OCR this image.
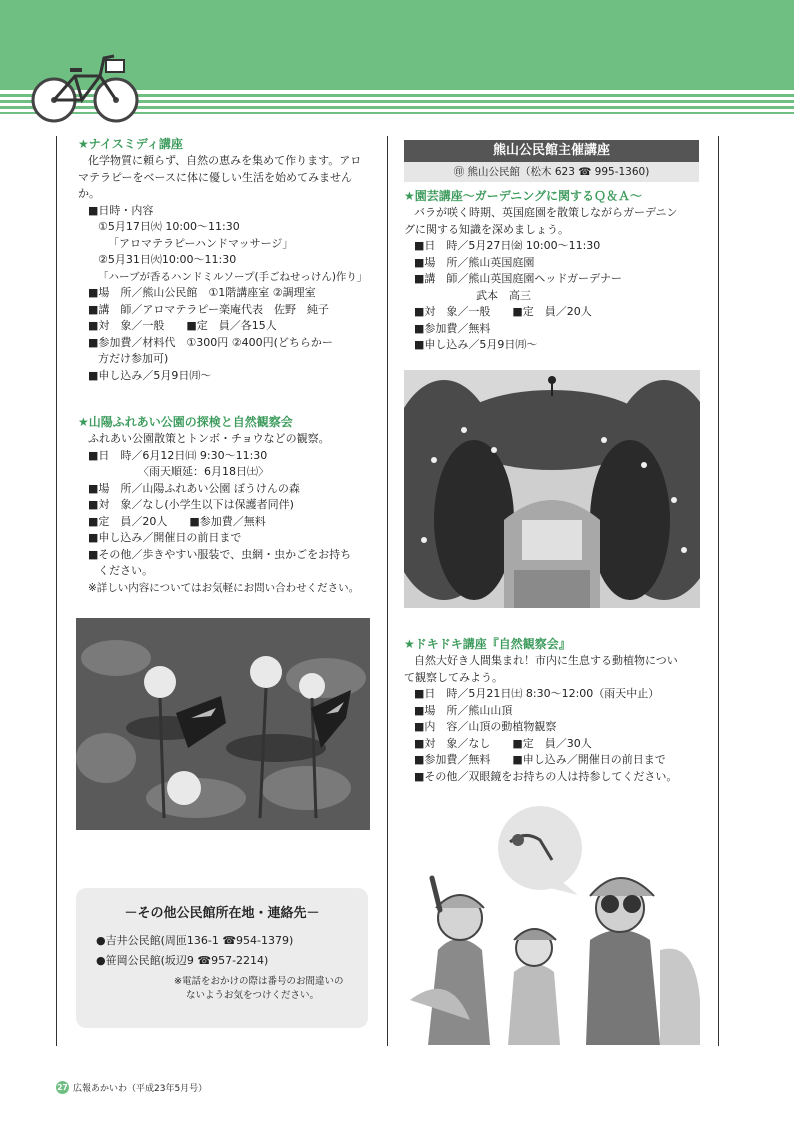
★ナイスミディ講座
化学物質に頼らず、自然の恵みを集めて作ります。アロ
マテラピーをベースに体に優しい生活を始めてみません
か。
■日時・内容
①5月17日㈫ 10:00～11:30
「アロマテラピーハンドマッサージ」
②5月31日㈫10:00～11:30
「ハーブが香るハンドミルソープ(手ごねせっけん)作り」
■場　所／熊山公民館　①1階講座室 ②調理室
■講　師／アロマテラピー楽庵代表　佐野　純子
■対　象／一般　　■定　員／各15人
■参加費／材料代　①300円 ②400円(どちらかー
方だけ参加可)
■申し込み／5月9日㈪～
★山陽ふれあい公園の探検と自然観察会
ふれあい公園散策とトンボ・チョウなどの観察。
■日　時／6月12日㈰ 9:30～11:30
〈雨天順延：6月18日㈯〉
■場　所／山陽ふれあい公園 ぼうけんの森
■対　象／なし(小学生以下は保護者同伴)
■定　員／20人　　■参加費／無料
■申し込み／開催日の前日まで
■その他／歩きやすい服装で、虫網・虫かごをお持ち
ください。
※詳しい内容についてはお気軽にお問い合わせください。
－その他公民館所在地・連絡先－
●吉井公民館(周匝136-1 ☎954-1379)
●笹岡公民館(坂辺9 ☎957-2214)
※電話をおかけの際は番号のお間違いの
ないようお気をつけください。
熊山公民館主催講座
㊞ 熊山公民館（松木 623 ☎ 995-1360)
★園芸講座～ガーデニングに関するＱ＆Ａ～
バラが咲く時期、英国庭園を散策しながらガーデニン
グに関する知識を深めましょう。
■日　時／5月27日㈮ 10:00～11:30
■場　所／熊山英国庭園
■講　師／熊山英国庭園ヘッドガーデナー
武本　高三
■対　象／一般　　■定　員／20人
■参加費／無料
■申し込み／5月9日㈪～
★ドキドキ講座『自然観察会』
自然大好き人間集まれ！市内に生息する動植物につい
て観察してみよう。
■日　時／5月21日㈯ 8:30～12:00（雨天中止）
■場　所／熊山山頂
■内　容／山頂の動植物観察
■対　象／なし　　■定　員／30人
■参加費／無料　　■申し込み／開催日の前日まで
■その他／双眼鏡をお持ちの人は持参してください。
27 広報あかいわ（平成23年5月号）
